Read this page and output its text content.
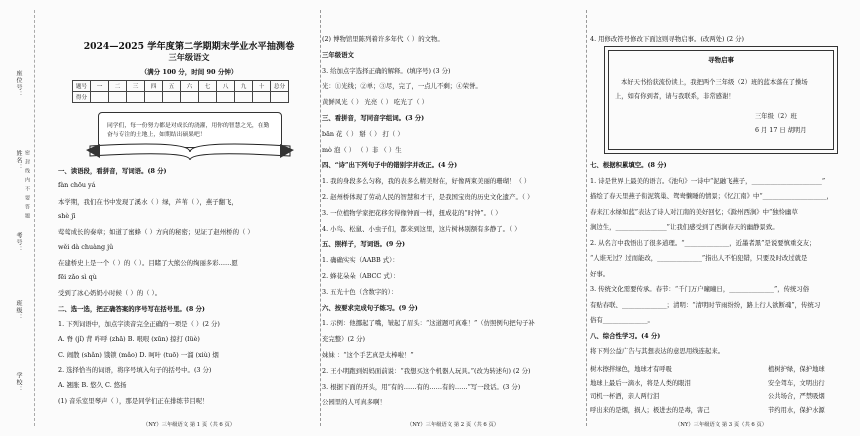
座位号：
姓名：
考号：
班级：
学校：
密封线内不要答题
2024—2025 学年度第二学期期末学业水平抽测卷
三年级语文
（满分 100 分，时间 90 分钟）
题号	一	二	三	四	五	六	七	八	九	十	总分
得分											
同学们，每一份努力都是对成长的浇灌，用你的智慧之光，在勤奋与专注的土地上，如期结出硕果吧！
一、读语段，看拼音，写词语。(8 分)
fàn chōu yá
本学期，我们在书中发现了溪水（ ）绿，芦苇（ ），燕子翻飞，
shè jī
莺莺成长的奏章；如道了蜜蜂（ ）方向的秘密；见证了赵州桥的（ ）
wěi dà chuàng jǔ
在建桥史上是一个（ ）的（ ）。目睹了大熊公的绚丽多彩……愿
fēi zǎo sì qù
受到了冰心奶奶小时候（ ）的（ ）。
二、选一选，把正确答案的序号写在括号里。(8 分)
1. 下列词语中，加点字读音完全正确的一项是（ ）(2 分)
A. 脊 (jǐ) 背 咋呼 (zhā) B. 哏哏 (xūn) 掠打 (lüè)
C. 闹散 (shǎn) 饿锁 (mǎo) D. 呵叶 (tuō) 一溜 (xiù) 烟
2. 选择恰当的词语，将序号填入句子的括号中。(3 分)
A. 翘胀 B. 悠久 C. 悠扬
(1) 音乐室里琴声（ ），那是同学们正在排练节目呢！
（NY）三年级语文 第 1 页（共 6 页）
(2) 博物馆里陈列着许多年代（ ）的文物。
三年级语文
3. 给加点字选择正确的解释。(填序号) (3 分)
光：①光线；②单；③尽，完了，一点儿不剩；④荣誉。
黄鲜风光（ ） 光亮（ ） 吃光了（ ）
三、看拼音，写同音字组词。(3 分)
bān 花（ ） 掰（ ） 打（ ）
mò 泡（ ） （ ）非 （ ）生
四、“诗”出下列句子中的错别字并改正。(4 分)
1. 我的身段多么匀称，我的表多么精美财在，好像两束美丽的珊瑚！（ ）
2. 赵州桥体现了劳动人民的智慧和才干，是我国宝贵的历史文化遗产。（ ）
3. 一位植物学家把花移劣得像钟面一样，扭成花的“时钟”。（ ）
4. 小鸟、松鼠、小虫子们，都来到这里，这片树林别额有多静了。（ ）
五、照样子，写词语。(9 分)
1. 确确实实（AABB 式）：
2. 蜂花朵朵（ABCC 式）：
3. 五光十色（含数字的）：
六、按要求完成句子练习。(9 分)
1. 示例：他挪起了嘴，皱起了眉头：“这道题可真难！”（仿照例句把句子补
充完整）(2 分)
妹妹 ：“这个手艺真是太棒啦！”
2. 王小明跑到妈妈面前说：“我想买这个机器人玩具。”(改为转述句) (2 分)
3. 根据下面的开头，用“有的……有的……有的……”写一段话。(3 分)
公园里的人可真多啊！
（NY）三年级语文 第 2 页（共 6 页）
4. 用修改符号修改下面这则寻物启事。(改两处) (2 分)
寻物启事
本好天书拾获流份读上，我把两个三年级（2）班的蓝本落在了操场
上，如有你到者，请与我联系，非常感谢！
三年级（2）班
6 月 17 日 胡明月
七、根据积累填空。(8 分)
1. 诗是世界上最美的语言。《池句》一诗中“泥融飞燕子，______________________”
描绘了春天里燕子衔泥筑巢、鸳鸯懒睡的情景；《忆江南》中“____________________，
春来江水绿如蓝”表达了诗人对江南的美好回忆；《滁州西涧》中“独怜幽草
涧边生，________________”让我们感受到了西涧春天的幽静景致。
2. 从名言中我悟出了很多道理。“______________，近墨者黑”是说要慎重交友；
“人谁无过？过而能改，______________”指出人不怕犯错，只要及时改过就是
好事。
3. 传统文化需要传承。春节：“千门万户曈曈日，______________”，传统习俗
有贴春联、______________；清明：“清明时节雨纷纷，路上行人欲断魂”，传统习
俗有______________。
八、综合性学习。(4 分)
将下列公益广告与其想表达的意思用线连起来。
树木擦拌绿色，地球才有呼吸
地球上最后一滴水，将是人类的眼泪
司机一杯酒，亲人两行泪
呼出来的是烟，损人；极进去的是毒，害己
植树护绿，保护地球
安全驾车，文明出行
公共场合，严禁吸烟
节约用水，保护水源
（NY）三年级语文 第 3 页（共 6 页）
